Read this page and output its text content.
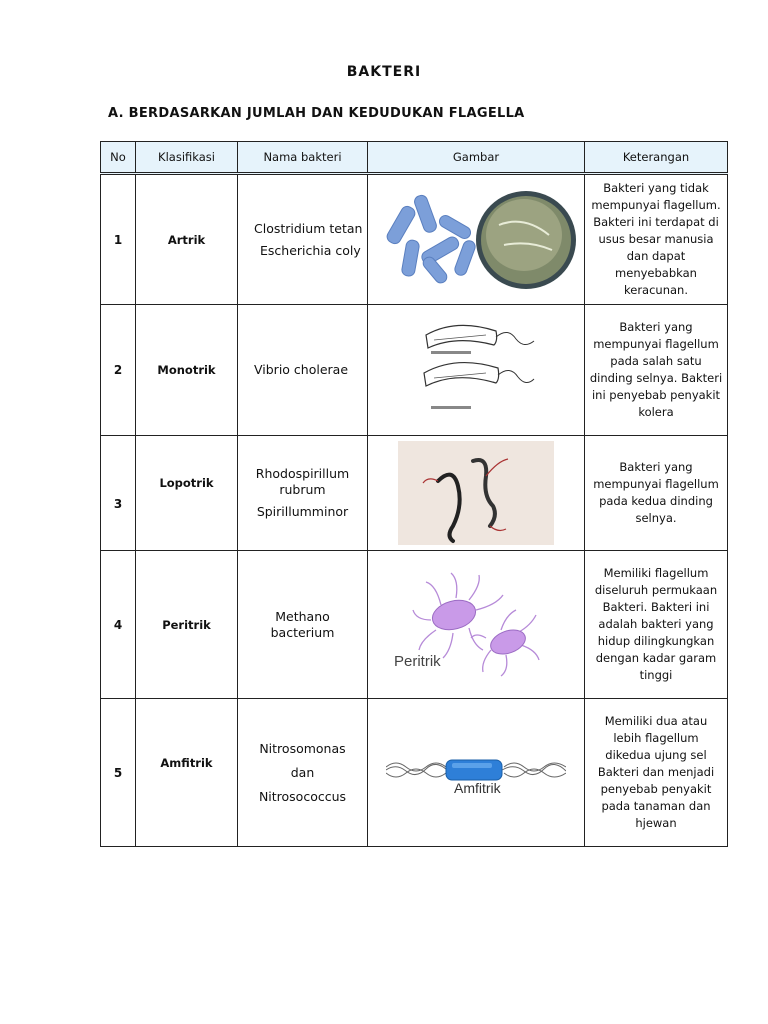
BAKTERI
A. BERDASARKAN JUMLAH DAN KEDUDUKAN FLAGELLA
No	Klasifikasi	Nama bakteri	Gambar	Keterangan
1	Artrik	Clostridium tetan

Escherichia coly		Bakteri yang tidak mempunyai flagellum. Bakteri ini terdapat di usus besar manusia dan dapat menyebabkan keracunan.
2	Monotrik	Vibrio cholerae		Bakteri yang mempunyai flagellum pada salah satu dinding selnya. Bakteri ini penyebab penyakit kolera
3	Lopotrik	Rhodospirillum rubrum

Spirillumminor		Bakteri yang mempunyai flagellum pada kedua dinding selnya.
4	Peritrik	Methano bacterium	Peritrik	Memiliki flagellum diseluruh permukaan Bakteri. Bakteri ini adalah bakteri yang hidup dilingkungkan dengan kadar garam tinggi
5	Amfitrik	Nitrosomonas

dan

Nitrosococcus	Amfitrik	Memiliki dua atau lebih flagellum dikedua ujung sel Bakteri dan menjadi penyebab penyakit pada tanaman dan hjewan
